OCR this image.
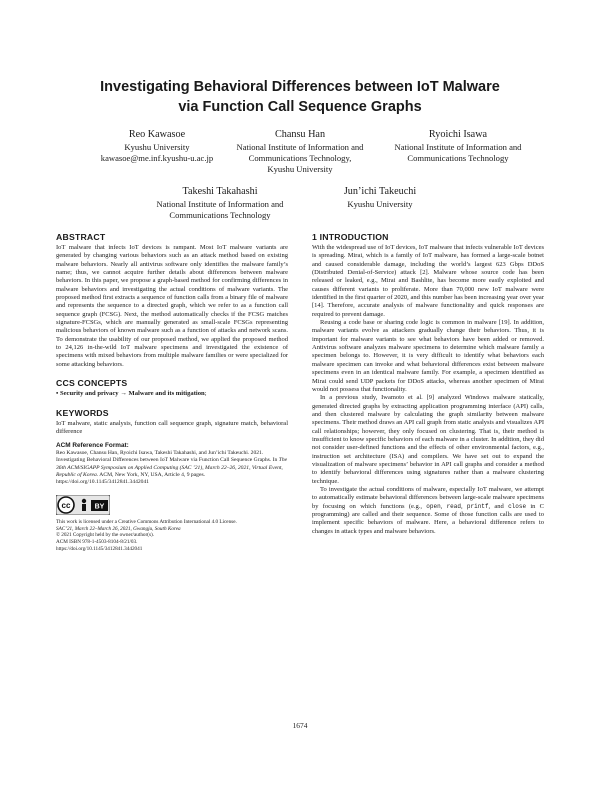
Investigating Behavioral Differences between IoT Malware
via Function Call Sequence Graphs
Reo Kawasoe
Kyushu University
kawasoe@me.inf.kyushu-u.ac.jp
Chansu Han
National Institute of Information and
Communications Technology,
Kyushu University
Ryoichi Isawa
National Institute of Information and
Communications Technology
Takeshi Takahashi
National Institute of Information and
Communications Technology
Jun’ichi Takeuchi
Kyushu University
ABSTRACT

IoT malware that infects IoT devices is rampant. Most IoT malware variants are generated by changing various behaviors such as an attack method based on existing malware behaviors. Nearly all antivirus software only identifies the malware family’s name; thus, we cannot acquire further details about differences between malware behaviors. In this paper, we propose a graph-based method for confirming differences in malware behaviors and investigating the actual conditions of malware variants. The proposed method first extracts a sequence of function calls from a binary file of malware and represents the sequence to a directed graph, which we refer to as a function call sequence graph (FCSG). Next, the method automatically checks if the FCSG matches signature-FCSGs, which are manually generated as small-scale FCSGs representing malicious behaviors of known malware such as a function of attacks and network scans. To demonstrate the usability of our proposed method, we applied the proposed method to 24,126 in-the-wild IoT malware specimens and investigated the existence of specimens with mixed behaviors from multiple malware families or were specialized for some attacking behaviors.

CCS CONCEPTS

• Security and privacy → Malware and its mitigation;

KEYWORDS

IoT malware, static analysis, function call sequence graph, signature match, behavioral difference

ACM Reference Format:

Reo Kawasoe, Chansu Han, Ryoichi Isawa, Takeshi Takahashi, and Jun’ichi Takeuchi. 2021. Investigating Behavioral Differences between IoT Malware via Function Call Sequence Graphs. In The 36th ACM/SIGAPP Symposium on Applied Computing (SAC ’21), March 22–26, 2021, Virtual Event, Republic of Korea. ACM, New York, NY, USA, Article 4, 9 pages. https://doi.org/10.1145/3412841.3442041

cc	BY

This work is licensed under a Creative Commons Attribution International 4.0 License.

SAC’21, March 22–March 26, 2021, Gwangju, South Korea

© 2021 Copyright held by the owner/author(s).

ACM ISBN 978-1-4503-8104-8/21/03.

https://doi.org/10.1145/3412841.3442041

1 INTRODUCTION

With the widespread use of IoT devices, IoT malware that infects vulnerable IoT devices is spreading. Mirai, which is a family of IoT malware, has formed a large-scale botnet and caused considerable damage, including the world’s largest 623 Gbps DDoS (Distributed Denial-of-Service) attack [2]. Malware whose source code has been released or leaked, e.g., Mirai and Bashlite, has become more easily exploited and causes different variants to proliferate. More than 70,000 new IoT malware were identified in the first quarter of 2020, and this number has been increasing year over year [14]. Therefore, accurate analysis of malware functionality and quick responses are required to prevent damage.

Reusing a code base or sharing code logic is common in malware [19]. In addition, malware variants evolve as attackers gradually change their behaviors. Thus, it is important for malware variants to see what behaviors have been added or removed. Antivirus software analyzes malware specimens to determine which malware family a specimen belongs to. However, it is very difficult to identify what behaviors each malware specimen can invoke and what behavioral differences exist between malware specimens even in an identical malware family. For example, a specimen identified as Mirai could send UDP packets for DDoS attacks, whereas another specimen of Mirai would not possess that functionality.

In a previous study, Iwamoto et al. [9] analyzed Windows malware statically, generated directed graphs by extracting application programming interface (API) calls, and then clustered malware by calculating the graph similarity between malware specimens. Their method draws an API call graph from static analysis and visualizes API call relationships; however, they only focused on clustering. That is, their method is insufficient to know specific behaviors of each malware in a cluster. In addition, they did not consider user-defined functions and the effects of other environmental factors, e.g., instruction set architecture (ISA) and compilers. We have set out to expand the visualization of malware specimens’ behavior in API call graphs and consider a method to identify behavioral differences using signatures rather than a malware clustering technique.

To investigate the actual conditions of malware, especially IoT malware, we attempt to automatically estimate behavioral differences between large-scale malware specimens by focusing on which functions (e.g., open, read, printf, and close in C programming) are called and their sequence. Some of those function calls are used to implement specific behaviors of malware. Here, a behavioral difference refers to changes in attack types and malware behaviors.

1674
